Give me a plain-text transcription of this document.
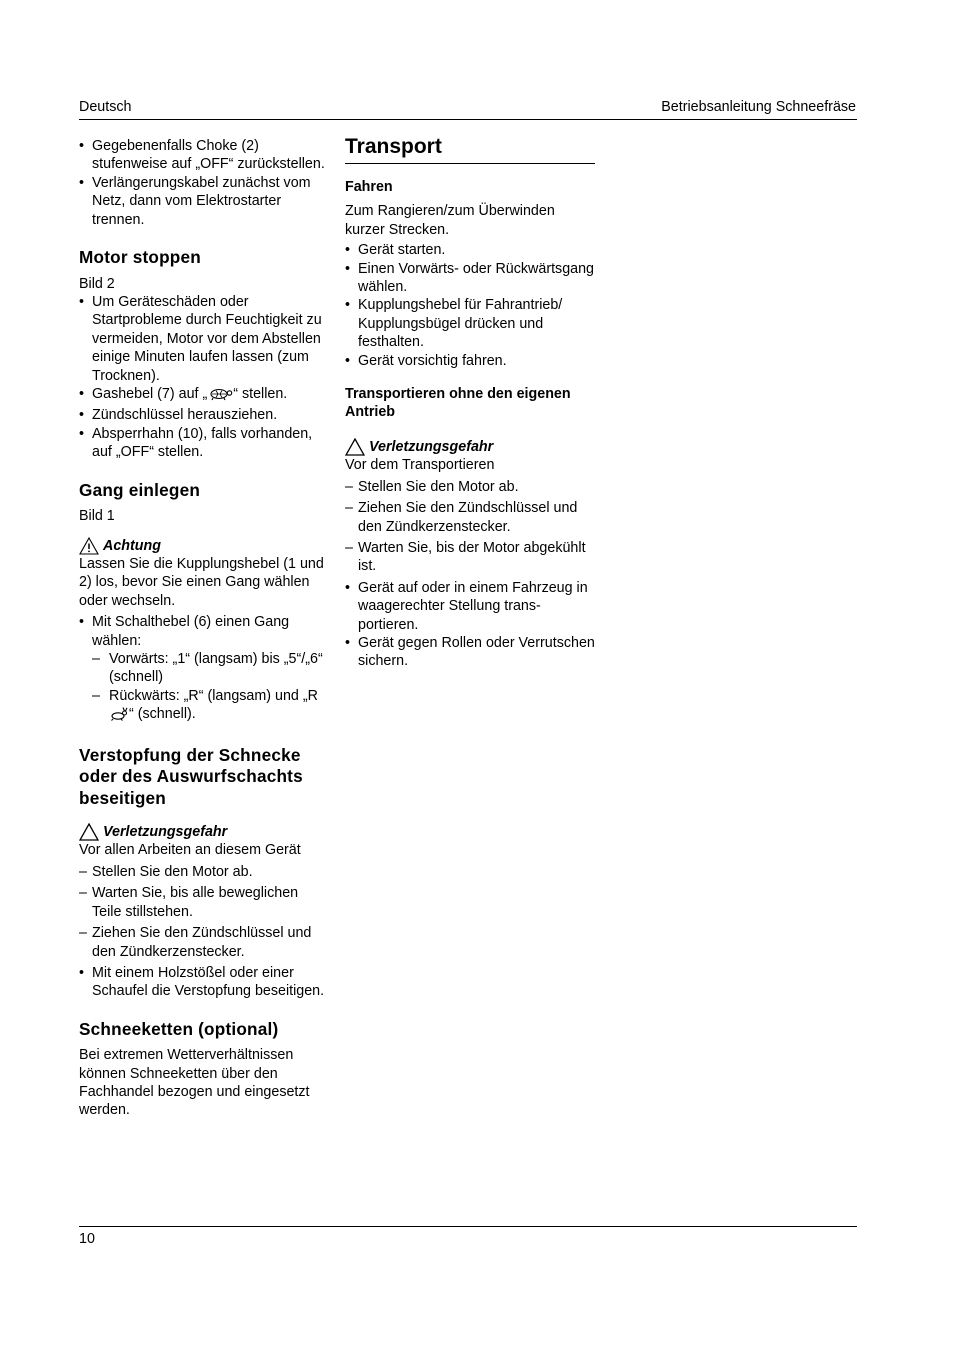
Deutsch	Betriebsanleitung Schneefräse
• Gegebenenfalls Choke (2) stufenweise auf „OFF“ zurückstellen.
• Verlängerungskabel zunächst vom Netz, dann vom Elektrostarter trennen.
Motor stoppen

Bild 2

• Um Geräteschäden oder Startprobleme durch Feuchtigkeit zu vermeiden, Motor vor dem Abstellen einige Minuten laufen lassen (zum Trocknen).
• Gashebel (7) auf „ “ stellen.
• Zündschlüssel herausziehen.
• Absperrhahn (10), falls vorhanden, auf „OFF“ stellen.
Gang einlegen

Bild 1

Achtung

Lassen Sie die Kupplungshebel (1 und 2) los, bevor Sie einen Gang wählen oder wechseln.

• Mit Schalthebel (6) einen Gang wählen:
– Vorwärts: „1“ (langsam) bis „5“/„6“ (schnell)
– Rückwärts: „R“ (langsam) und „R“ (schnell).
Verstopfung der Schnecke oder des Auswurfschachts beseitigen
Verletzungsgefahr

Vor allen Arbeiten an diesem Gerät

– Stellen Sie den Motor ab.
– Warten Sie, bis alle beweglichen Teile stillstehen.
– Ziehen Sie den Zündschlüssel und den Zündkerzenstecker.
• Mit einem Holzstößel oder einer Schaufel die Verstopfung beseitigen.
Schneeketten (optional)

Bei extremen Wetterverhältnissen können Schneeketten über den Fachhandel bezogen und eingesetzt werden.

Transport
Fahren

Zum Rangieren/zum Überwinden kurzer Strecken.

• Gerät starten.
• Einen Vorwärts- oder Rückwärtsgang wählen.
• Kupplungshebel für Fahrantrieb/ Kupplungsbügel drücken und festhalten.
• Gerät vorsichtig fahren.
Transportieren ohne den eigenen Antrieb
Verletzungsgefahr

Vor dem Transportieren

– Stellen Sie den Motor ab.
– Ziehen Sie den Zündschlüssel und den Zündkerzenstecker.
– Warten Sie, bis der Motor abgekühlt ist.
• Gerät auf oder in einem Fahrzeug in waagerechter Stellung trans-portieren.
• Gerät gegen Rollen oder Verrutschen sichern.
10
